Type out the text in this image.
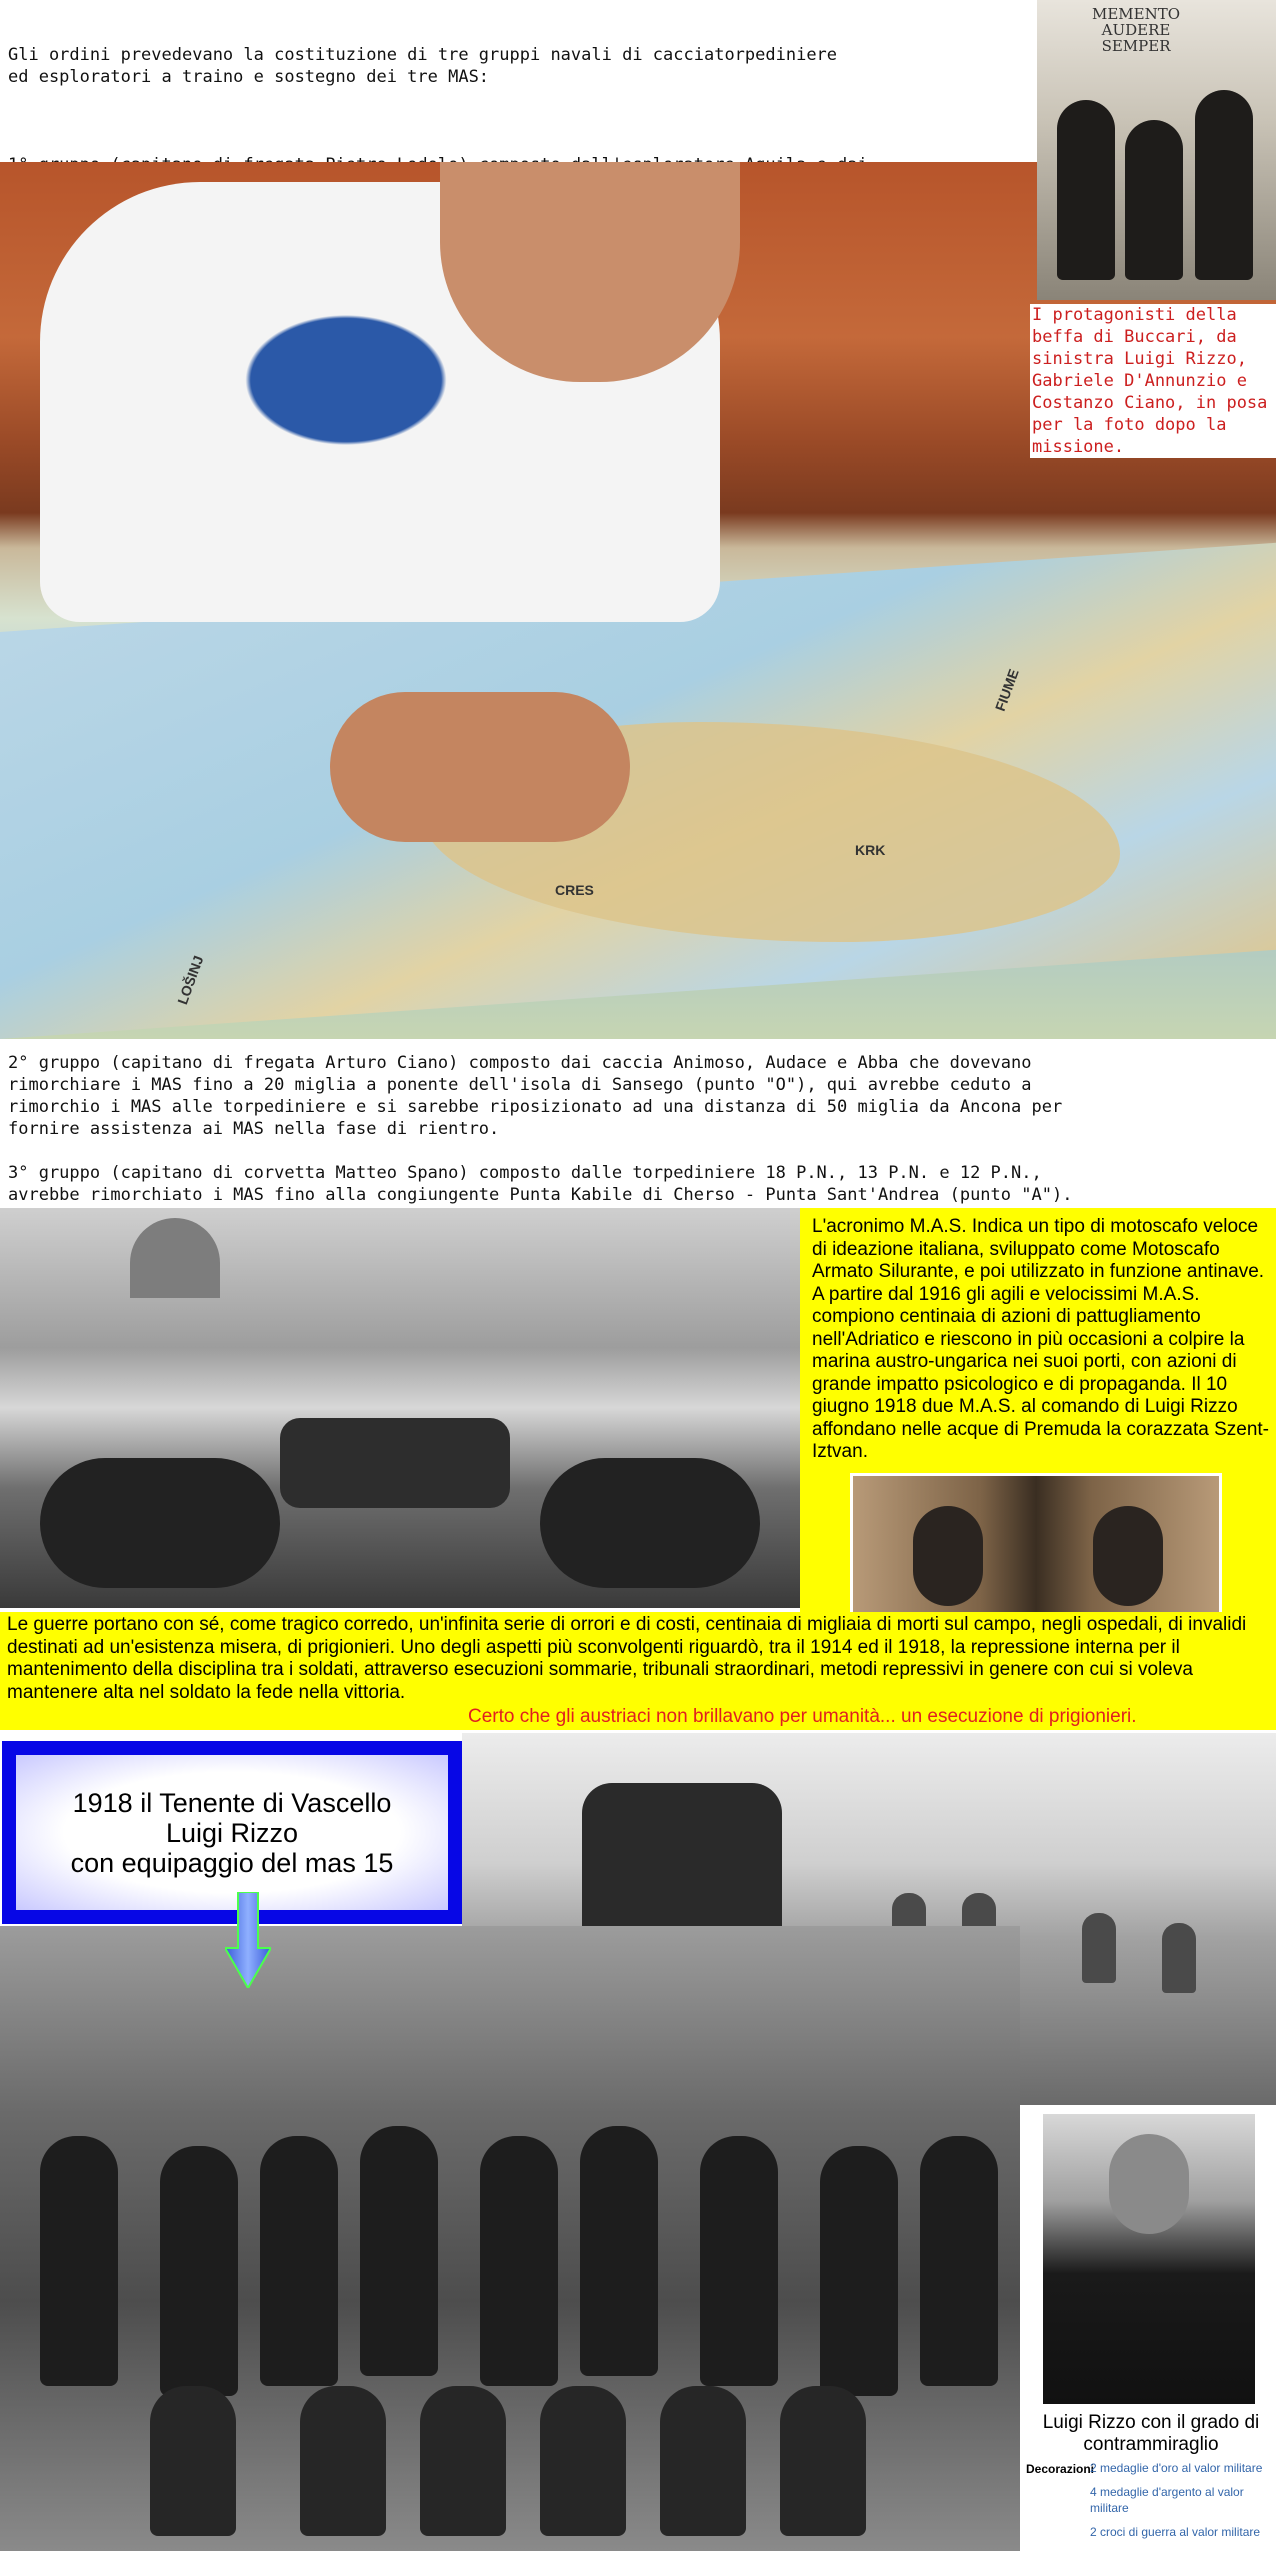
Gli ordini prevedevano la costituzione di tre gruppi navali di cacciatorpediniere
ed esploratori a traino e sostegno dei tre MAS:

FIUME
KRK
CRES
LOŠINJ
MEMENTO
AUDERE
SEMPER
I protagonisti della beffa di Buccari, da sinistra Luigi Rizzo, Gabriele D'Annunzio e Costanzo Ciano, in posa per la foto dopo la missione.

2° gruppo (capitano di fregata Arturo Ciano) composto dai caccia Animoso, Audace e Abba che dovevano
rimorchiare i MAS fino a 20 miglia a ponente dell'isola di Sansego (punto "O"), qui avrebbe ceduto a
rimorchio i MAS alle torpediniere e si sarebbe riposizionato ad una distanza di 50 miglia da Ancona per
fornire assistenza ai MAS nella fase di rientro.

3° gruppo (capitano di corvetta Matteo Spano) composto dalle torpediniere 18 P.N., 13 P.N. e 12 P.N.,
avrebbe rimorchiato i MAS fino alla congiungente Punta Kabile di Cherso - Punta Sant'Andrea (punto "A").

L'acronimo M.A.S. Indica un tipo di motoscafo veloce di ideazione italiana, sviluppato come Motoscafo Armato Silurante, e poi utilizzato in funzione antinave. A partire dal 1916 gli agili e velocissimi M.A.S. compiono centinaia di azioni di pattugliamento nell'Adriatico e riescono in più occasioni a colpire la marina austro-ungarica nei suoi porti, con azioni di grande impatto psicologico e di propaganda. Il 10 giugno 1918 due M.A.S. al comando di Luigi Rizzo affondano nelle acque di Premuda la corazzata Szent-Iztvan.
Le guerre portano con sé, come tragico corredo, un'infinita serie di orrori e di costi, centinaia di migliaia di morti sul campo, negli ospedali, di invalidi destinati ad un'esistenza misera, di prigionieri. Uno degli aspetti più sconvolgenti riguardò, tra il 1914 ed il 1918, la repressione interna per il mantenimento della disciplina tra i soldati, attraverso esecuzioni sommarie, tribunali straordinari, metodi repressivi in genere con cui si voleva mantenere alta nel soldato la fede nella vittoria.
Certo che gli austriaci non brillavano per umanità... un esecuzione di prigionieri.
1918 il Tenente di Vascello
Luigi Rizzo
con equipaggio del mas 15
Luigi Rizzo con il grado di contrammiraglio
Decorazioni
2 medaglie d'oro al valor militare
4 medaglie d'argento al valor militare
2 croci di guerra al valor militare
